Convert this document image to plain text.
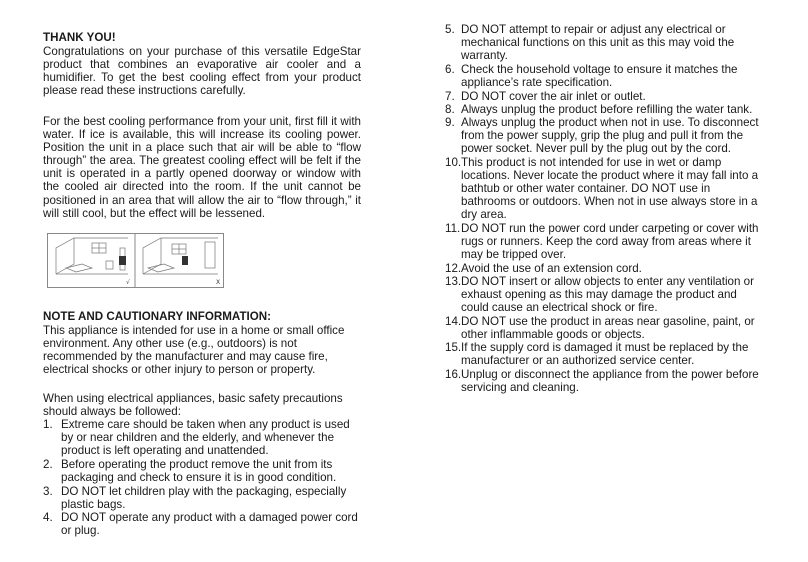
THANK YOU!

Congratulations on your purchase of this versatile EdgeStar product that combines an evaporative air cooler and a humidifier. To get the best cooling effect from your product please read these instructions carefully.

For the best cooling performance from your unit, first fill it with water. If ice is available, this will increase its cooling power. Position the unit in a place such that air will be able to “flow through” the area. The greatest cooling effect will be felt if the unit is operated in a partly opened doorway or window with the cooled air directed into the room. If the unit cannot be positioned in an area that will allow the air to “flow through,” it will still cool, but the effect will be lessened.

NOTE AND CAUTIONARY INFORMATION:

This appliance is intended for use in a home or small office environment. Any other use (e.g., outdoors) is not recommended by the manufacturer and may cause fire, electrical shocks or other injury to person or property.

When using electrical appliances, basic safety precautions should always be followed:

1. Extreme care should be taken when any product is used by or near children and the elderly, and whenever the product is left operating and unattended.
2. Before operating the product remove the unit from its packaging and check to ensure it is in good condition.
3. DO NOT let children play with the packaging, especially plastic bags.
4. DO NOT operate any product with a damaged power cord or plug.
√	X
5. DO NOT attempt to repair or adjust any electrical or mechanical functions on this unit as this may void the warranty.
6. Check the household voltage to ensure it matches the appliance’s rate specification.
7. DO NOT cover the air inlet or outlet.
8. Always unplug the product before refilling the water tank.
9. Always unplug the product when not in use. To disconnect from the power supply, grip the plug and pull it from the power socket. Never pull by the plug out by the cord.
10. This product is not intended for use in wet or damp locations. Never locate the product where it may fall into a bathtub or other water container. DO NOT use in bathrooms or outdoors. When not in use always store in a dry area.
11. DO NOT run the power cord under carpeting or cover with rugs or runners. Keep the cord away from areas where it may be tripped over.
12. Avoid the use of an extension cord.
13. DO NOT insert or allow objects to enter any ventilation or exhaust opening as this may damage the product and could cause an electrical shock or fire.
14. DO NOT use the product in areas near gasoline, paint, or other inflammable goods or objects.
15. If the supply cord is damaged it must be replaced by the manufacturer or an authorized service center.
16. Unplug or disconnect the appliance from the power before servicing and cleaning.
